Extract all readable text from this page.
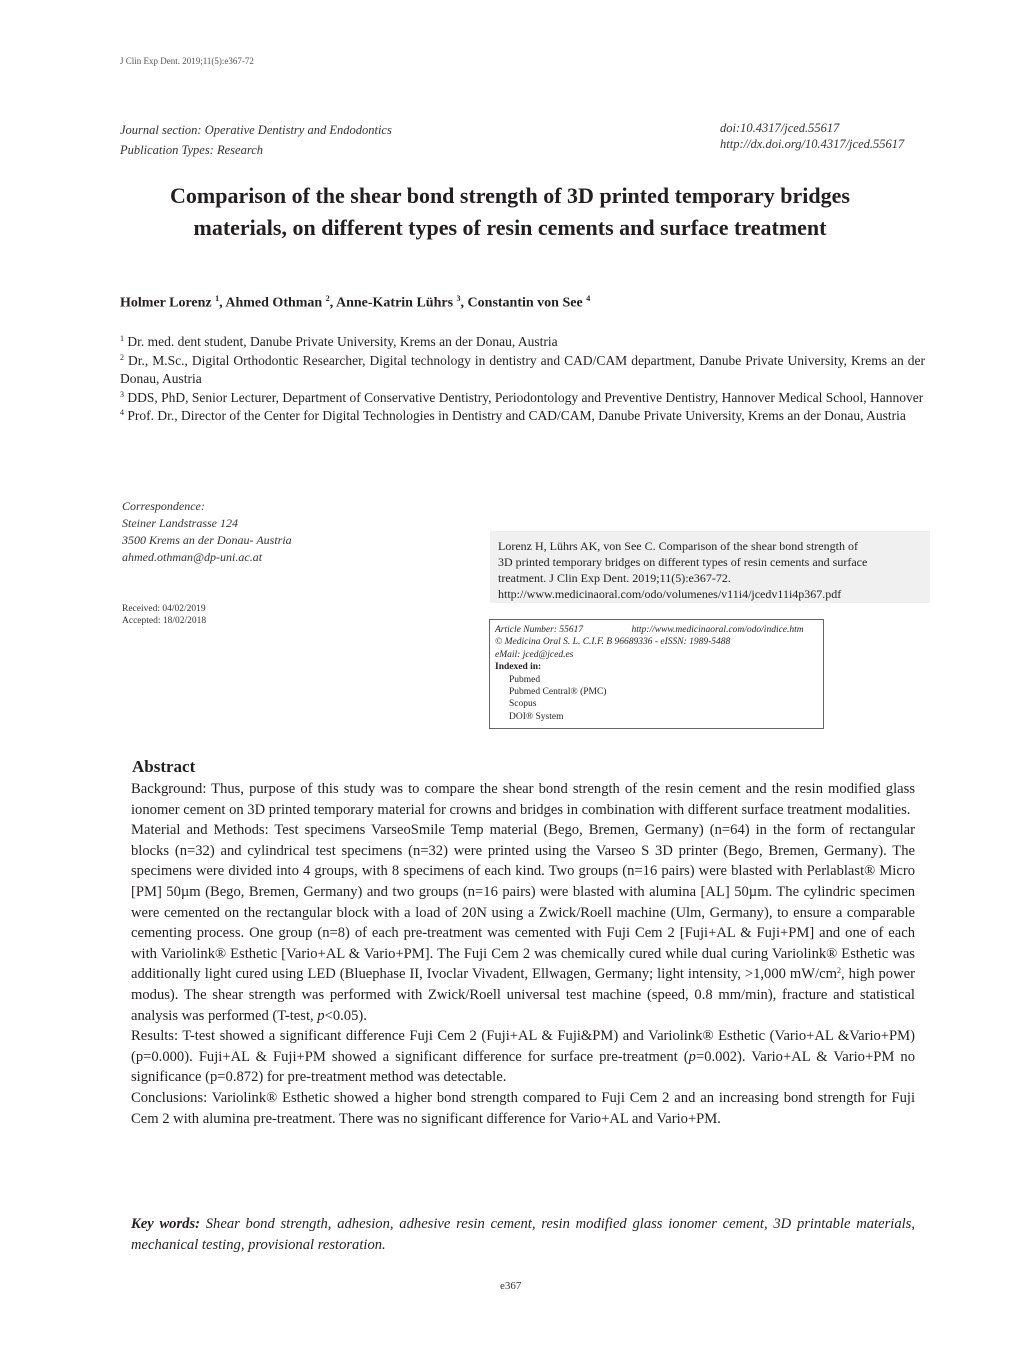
J Clin Exp Dent. 2019;11(5):e367-72
Journal section: Operative Dentistry and Endodontics
Publication Types: Research
doi:10.4317/jced.55617
http://dx.doi.org/10.4317/jced.55617
Comparison of the shear bond strength of 3D printed temporary bridges
materials, on different types of resin cements and surface treatment
Holmer Lorenz $^1$, Ahmed Othman $^2$, Anne-Katrin Lührs $^3$, Constantin von See $^4$

$^1$ Dr. med. dent student, Danube Private University, Krems an der Donau, Austria

$^2$ Dr., M.Sc., Digital Orthodontic Researcher, Digital technology in dentistry and CAD/CAM department, Danube Private University, Krems an der Donau, Austria

$^3$ DDS, PhD, Senior Lecturer, Department of Conservative Dentistry, Periodontology and Preventive Dentistry, Hannover Medical School, Hannover

$^4$ Prof. Dr., Director of the Center for Digital Technologies in Dentistry and CAD/CAM, Danube Private University, Krems an der Donau, Austria

Correspondence:
Steiner Landstrasse 124
3500 Krems an der Donau- Austria
ahmed.othman@dp-uni.ac.at
Received: 04/02/2019
Accepted: 18/02/2018
Lorenz H, Lührs AK, von See C. Comparison of the shear bond strength of
3D printed temporary bridges on different types of resin cements and surface
treatment. J Clin Exp Dent. 2019;11(5):e367-72.
http://www.medicinaoral.com/odo/volumenes/v11i4/jcedv11i4p367.pdf
Article Number: 55617	http://www.medicinaoral.com/odo/indice.htm
© Medicina Oral S. L. C.I.F. B 96689336 - eISSN: 1989-5488
eMail: jced@jced.es
Indexed in:
Pubmed
Pubmed Central® (PMC)
Scopus
DOI® System
Abstract

Background: Thus, purpose of this study was to compare the shear bond strength of the resin cement and the resin modified glass ionomer cement on 3D printed temporary material for crowns and bridges in combination with different surface treatment modalities.

Material and Methods: Test specimens VarseoSmile Temp material (Bego, Bremen, Germany) (n=64) in the form of rectangular blocks (n=32) and cylindrical test specimens (n=32) were printed using the Varseo S 3D printer (Bego, Bremen, Germany). The specimens were divided into 4 groups, with 8 specimens of each kind. Two groups (n=16 pairs) were blasted with Perlablast® Micro [PM] 50µm (Bego, Bremen, Germany) and two groups (n=16 pairs) were blasted with alumina [AL] 50µm. The cylindric specimen were cemented on the rectangular block with a load of 20N using a Zwick/Roell machine (Ulm, Germany), to ensure a comparable cementing process. One group (n=8) of each pre-treatment was cemented with Fuji Cem 2 [Fuji+AL & Fuji+PM] and one of each with Variolink® Esthetic [Vario+AL & Vario+PM]. The Fuji Cem 2 was chemically cured while dual curing Variolink® Esthetic was additionally light cured using LED (Bluephase II, Ivoclar Vivadent, Ellwagen, Germany; light intensity, >1,000 $mW/cm^2$, high power modus). The shear strength was performed with Zwick/Roell universal test machine (speed, 0.8 mm/min), fracture and statistical analysis was performed (T-test, p<0.05).

Results: T-test showed a significant difference Fuji Cem 2 (Fuji+AL & Fuji&PM) and Variolink® Esthetic (Vario+AL &Vario+PM) (p=0.000). Fuji+AL & Fuji+PM showed a significant difference for surface pre-treatment (p=0.002). Vario+AL & Vario+PM no significance (p=0.872) for pre-treatment method was detectable.

Conclusions: Variolink® Esthetic showed a higher bond strength compared to Fuji Cem 2 and an increasing bond strength for Fuji Cem 2 with alumina pre-treatment. There was no significant difference for Vario+AL and Vario+PM.

Key words: Shear bond strength, adhesion, adhesive resin cement, resin modified glass ionomer cement, 3D printable materials, mechanical testing, provisional restoration.
e367
